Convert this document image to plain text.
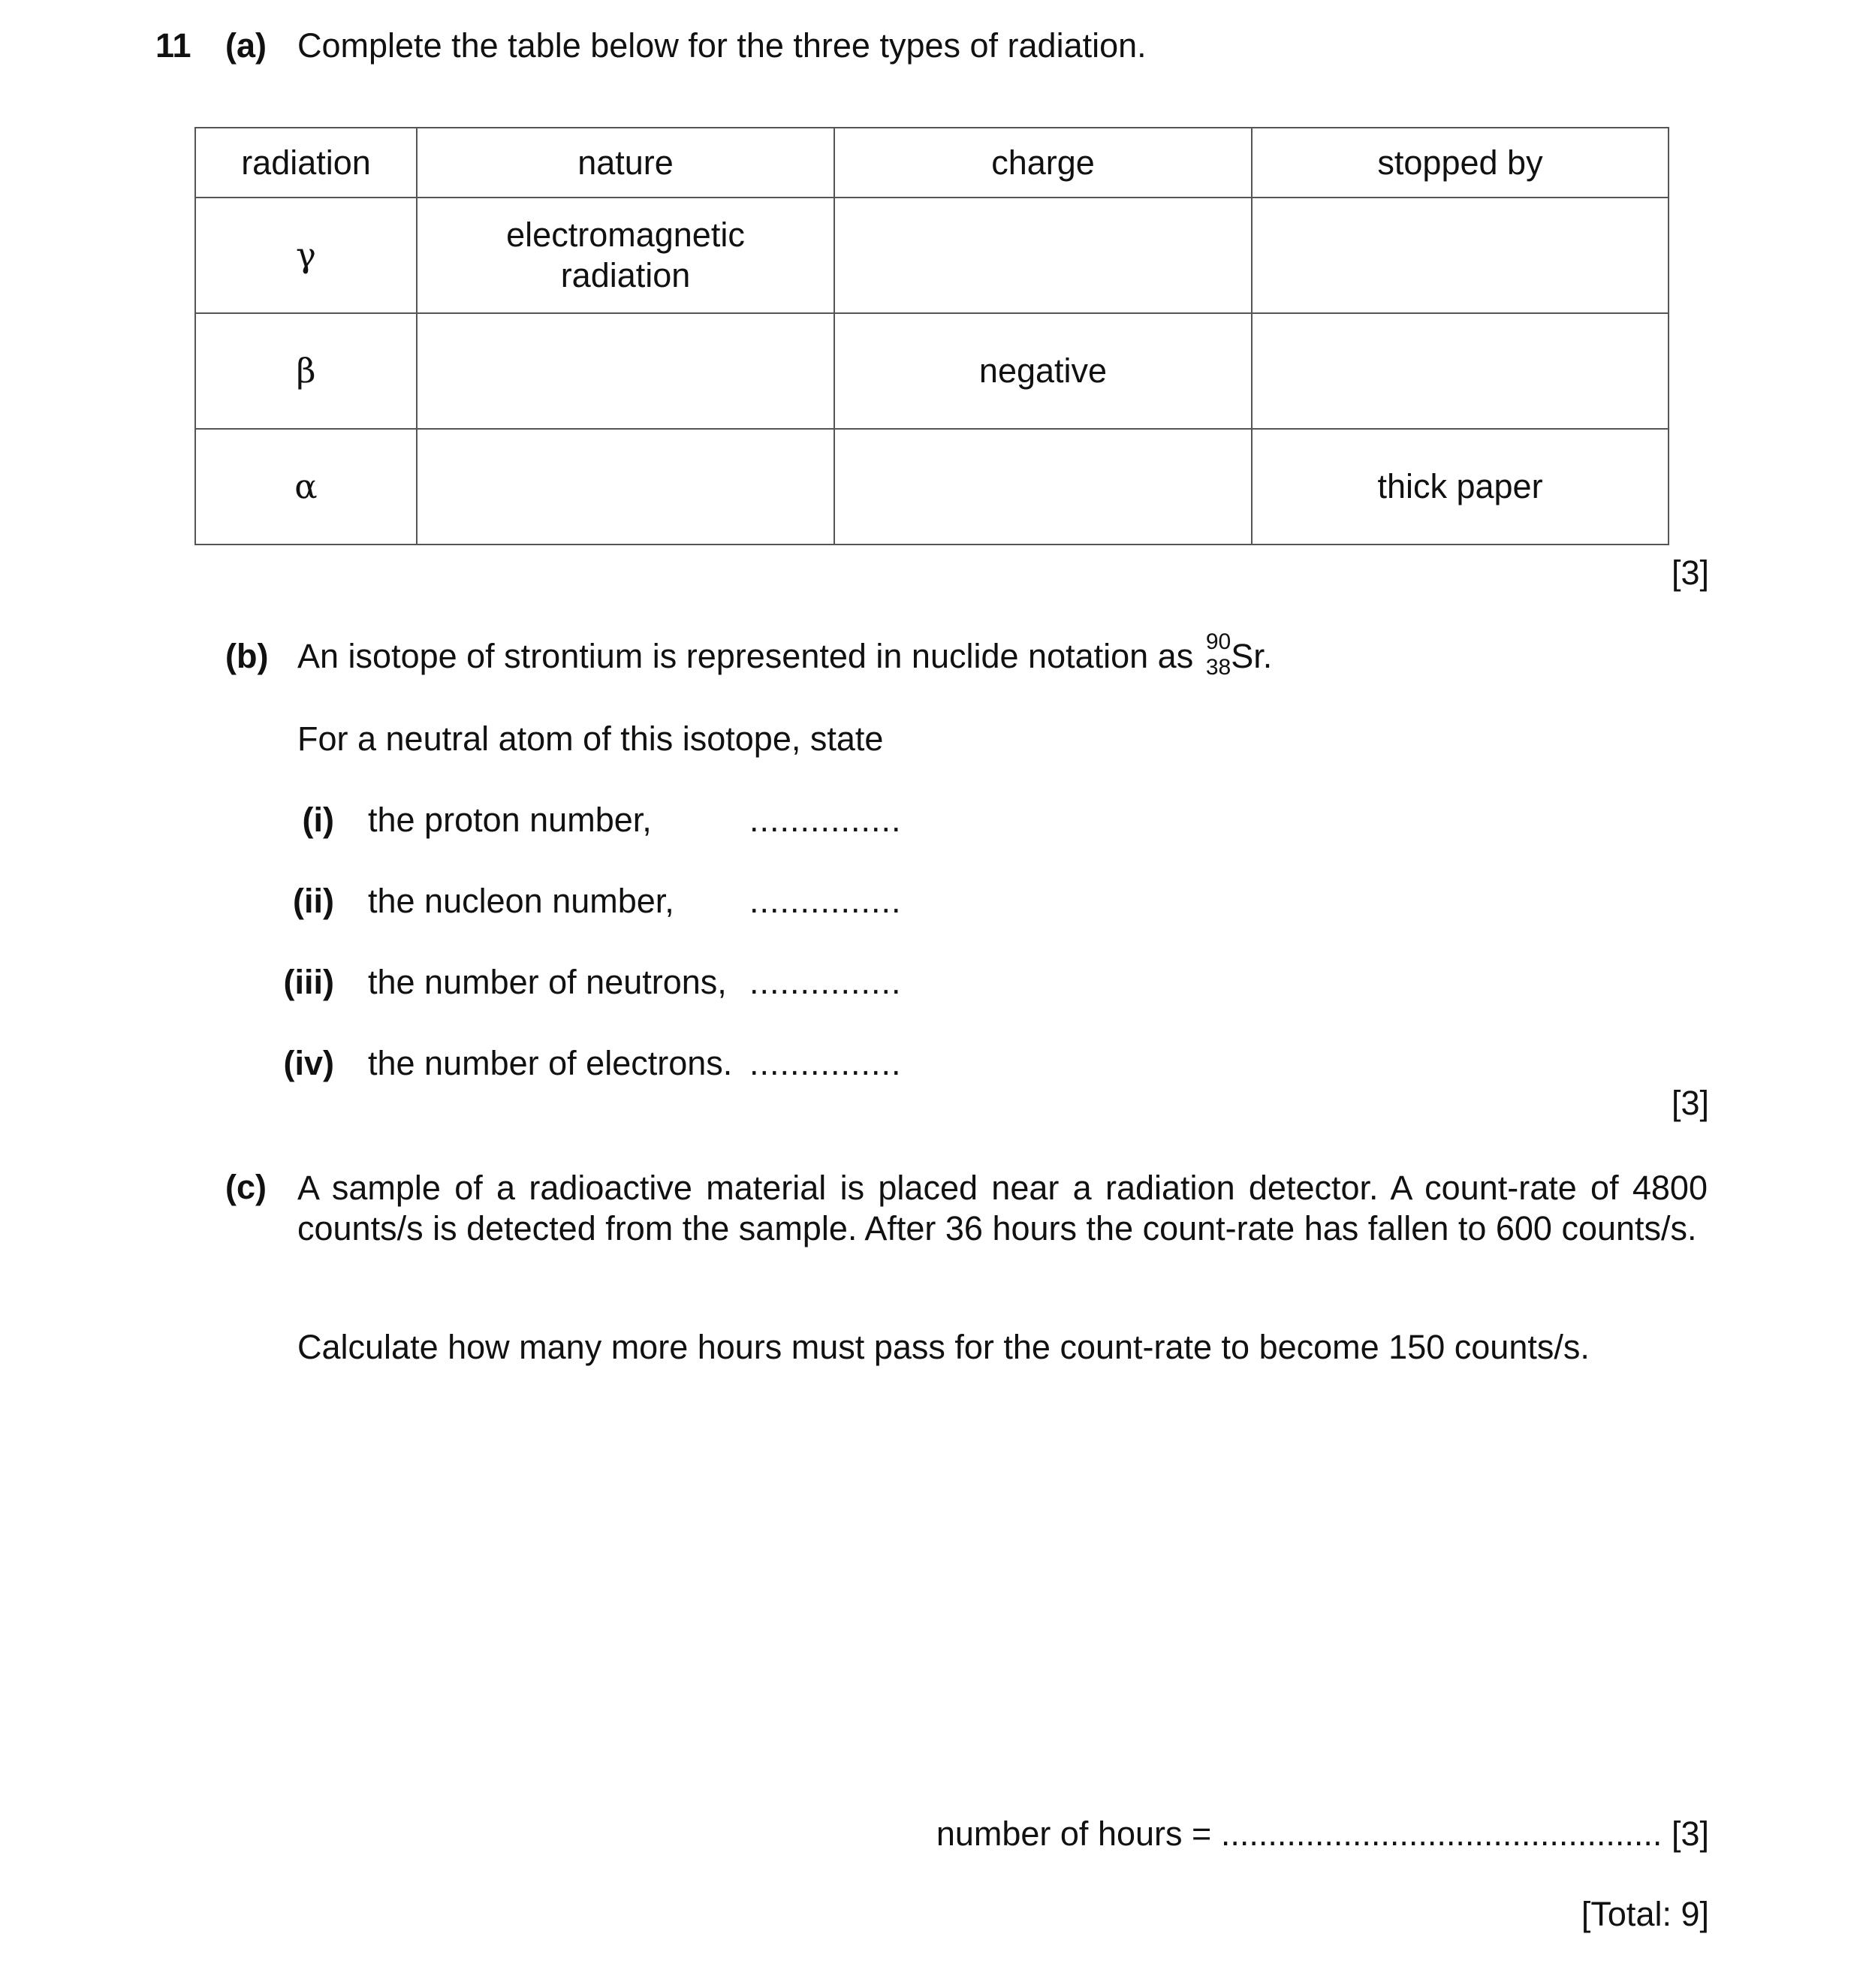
11 (a) Complete the table below for the three types of radiation.
radiation	nature	charge	stopped by
γ	electromagnetic
radiation		

β		negative	
α			thick paper
[3]
(b) An isotope of strontium is represented in nuclide notation as 90
38 Sr.
For a neutral atom of this isotope, state
(i) the proton number,	...............
(ii) the nucleon number, ...............
(iii) the number of neutrons, ...............
(iv) the number of electrons. ...............
[3]
(c) A sample of a radioactive material is placed near a radiation detector. A count-rate of 4800 counts/s is detected from the sample. After 36 hours the count-rate has fallen to 600 counts/s.
Calculate how many more hours must pass for the count-rate to become 150 counts/s.
number of hours = ............................................... [3]
[Total: 9]
